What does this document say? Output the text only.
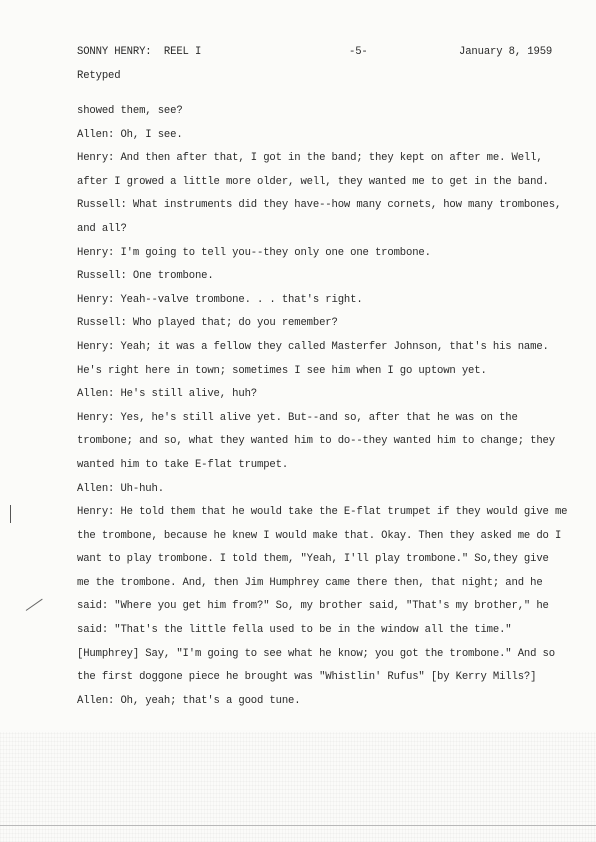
SONNY HENRY:  REEL I	-5-	January 8, 1959
Retyped
showed them, see?
Allen: Oh, I see.
Henry: And then after that, I got in the band; they kept on after me. Well,
after I growed a little more older, well, they wanted me to get in the band.
Russell: What instruments did they have--how many cornets, how many trombones,
and all?
Henry: I'm going to tell you--they only one one trombone.
Russell: One trombone.
Henry: Yeah--valve trombone. . . that's right.
Russell: Who played that; do you remember?
Henry: Yeah; it was a fellow they called Masterfer Johnson, that's his name.
He's right here in town; sometimes I see him when I go uptown yet.
Allen: He's still alive, huh?
Henry: Yes, he's still alive yet. But--and so, after that he was on the
trombone; and so, what they wanted him to do--they wanted him to change; they
wanted him to take E-flat trumpet.
Allen: Uh-huh.
Henry: He told them that he would take the E-flat trumpet if they would give me
the trombone, because he knew I would make that. Okay. Then they asked me do I
want to play trombone. I told them, "Yeah, I'll play trombone." So,they give
me the trombone. And, then Jim Humphrey came there then, that night; and he
said: "Where you get him from?" So, my brother said, "That's my brother," he
said: "That's the little fella used to be in the window all the time."
[Humphrey] Say, "I'm going to see what he know; you got the trombone." And so
the first doggone piece he brought was "Whistlin' Rufus" [by Kerry Mills?]
Allen: Oh, yeah; that's a good tune.
